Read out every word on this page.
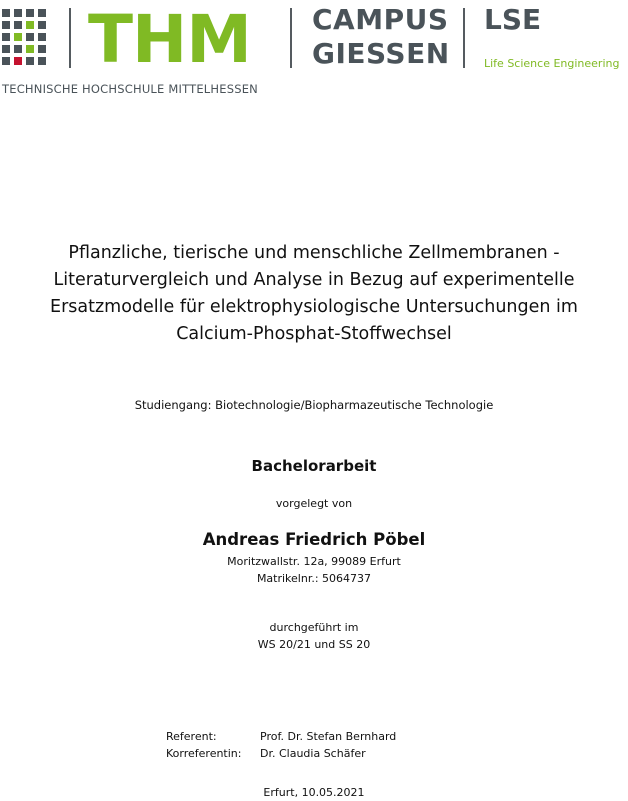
THM CAMPUS
GIESSEN
LSE
Life Science Engineering
TECHNISCHE HOCHSCHULE MITTELHESSEN
Pflanzliche, tierische und menschliche Zellmembranen -
Literaturvergleich und Analyse in Bezug auf experimentelle
Ersatzmodelle für elektrophysiologische Untersuchungen im
Calcium-Phosphat-Stoffwechsel
Studiengang: Biotechnologie/Biopharmazeutische Technologie
Bachelorarbeit
vorgelegt von
Andreas Friedrich Pöbel
Moritzwallstr. 12a, 99089 Erfurt
Matrikelnr.: 5064737
durchgeführt im
WS 20/21 und SS 20
Referent:	Prof. Dr. Stefan Bernhard
Korreferentin: Dr. Claudia Schäfer
Erfurt, 10.05.2021
